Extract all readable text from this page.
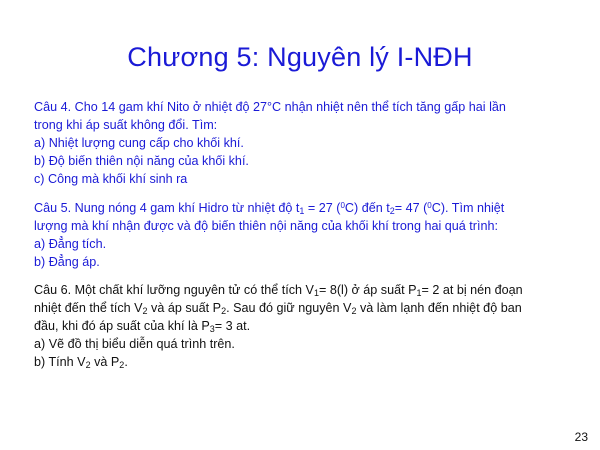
Chương 5: Nguyên lý I-NĐH
Câu 4. Cho 14 gam khí Nito ở nhiệt độ 27°C nhận nhiệt nên thể tích tăng gấp hai lần
trong khi áp suất không đổi. Tìm:
a) Nhiệt lượng cung cấp cho khối khí.
b) Độ biến thiên nội năng của khối khí.
c) Công mà khối khí sinh ra
Câu 5. Nung nóng 4 gam khí Hidro từ nhiệt độ $t_1 = 27$ ($^0$C) đến $t_2= 47$ ($^0$C). Tìm nhiệt
lượng mà khí nhận được và độ biến thiên nội năng của khối khí trong hai quá trình:
a) Đẳng tích.
b) Đẳng áp.
Câu 6. Một chất khí lưỡng nguyên tử có thể tích $V_1= 8(l)$ ở áp suất $P_1= 2$ at bị nén đoạn
nhiệt đến thể tích $V_2$ và áp suất $P_2$. Sau đó giữ nguyên $V_2$ và làm lạnh đến nhiệt độ ban
đầu, khi đó áp suất của khí là $P_3= 3$ at.
a) Vẽ đồ thị biểu diễn quá trình trên.
b) Tính $V_2$ và $P_2$.
23
